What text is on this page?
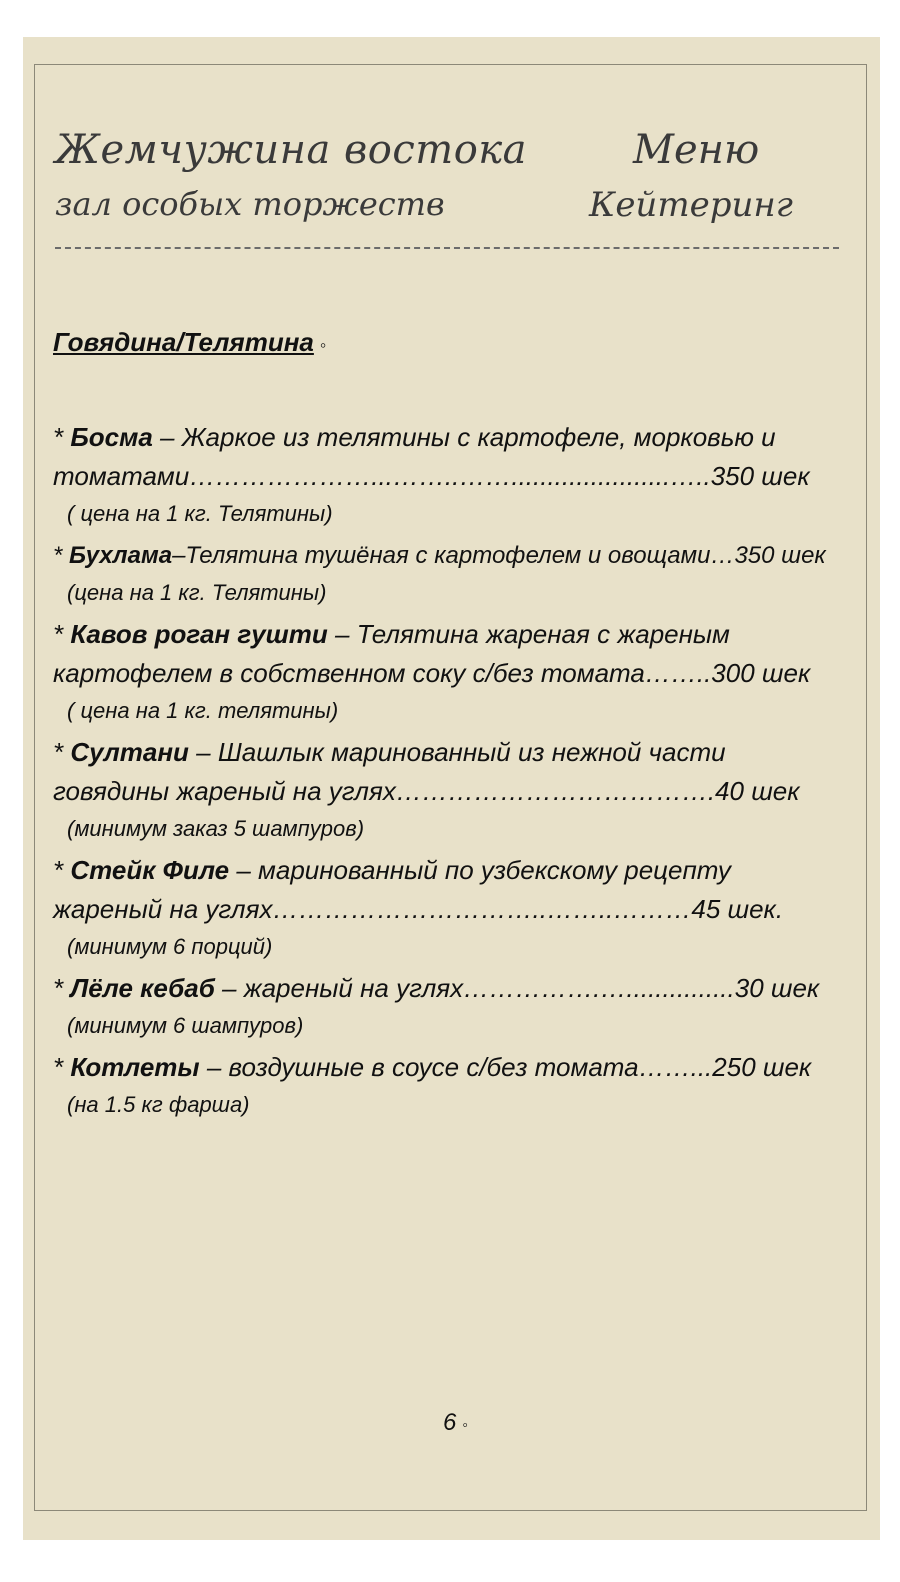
Жемчужина востока	Меню
зал особых торжеств	Кейтеринг
Говядина/Телятина ◦
* Босма – Жаркое из телятины с картофеле, морковью и
томатами…………………...……..……......................…..350 шек
( цена на 1 кг. Телятины)
* Бухлама–Телятина тушёная с картофелем и овощами…350 шек
(цена на 1 кг. Телятины)
* Кавов роган гушти – Телятина жареная с жареным
картофелем в собственном соку с/без томата……..300 шек
( цена на 1 кг. телятины)
* Султани – Шашлык маринованный из нежной части
говядины жареный на углях……………………………….40 шек
(минимум заказ 5 шампуров)
* Стейк Филе – маринованный по узбекскому рецепту
жареный на углях…………………………..……..………45 шек.
(минимум 6 порций)
* Лёле кебаб – жареный на углях…………….…...............30 шек
(минимум 6 шампуров)
* Котлеты – воздушные в соусе с/без томата……...250 шек
(на 1.5 кг фарша)
6 ◦
